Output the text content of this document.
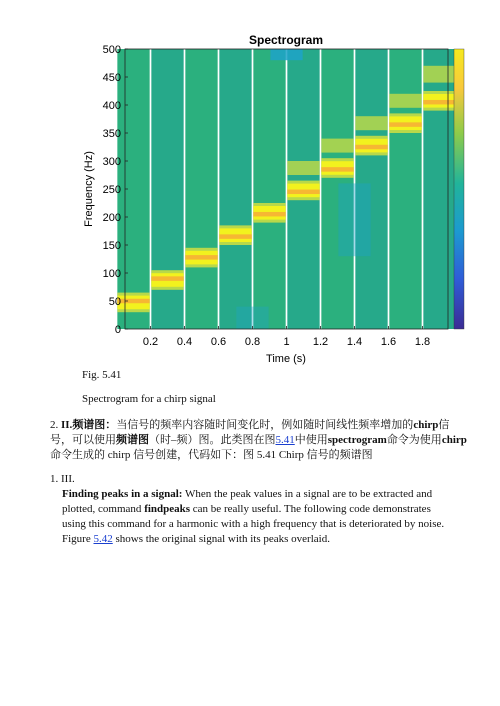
Spectrogram
0.2 0.4 0.6 0.8 1 1.2 1.4 1.6 1.8
0
50
100
150
200
250
300
350
400
450
500
Time (s)
Frequency (Hz)
Fig. 5.41
Spectrogram for a chirp signal
2. II.频谱图：当信号的频率内容随时间变化时，例如随时间线性频率增加的chirp信号，可以使用频谱图（时–频）图。此类图在图5.41中使用spectrogram命令为使用chirp命令生成的 chirp 信号创建，代码如下：图 5.41 Chirp 信号的频谱图
1. III.
Finding peaks in a signal: When the peak values in a signal are to be extracted and plotted, command findpeaks can be really useful. The following code demonstrates using this command for a harmonic with a high frequency that is deteriorated by noise. Figure 5.42 shows the original signal with its peaks overlaid.
